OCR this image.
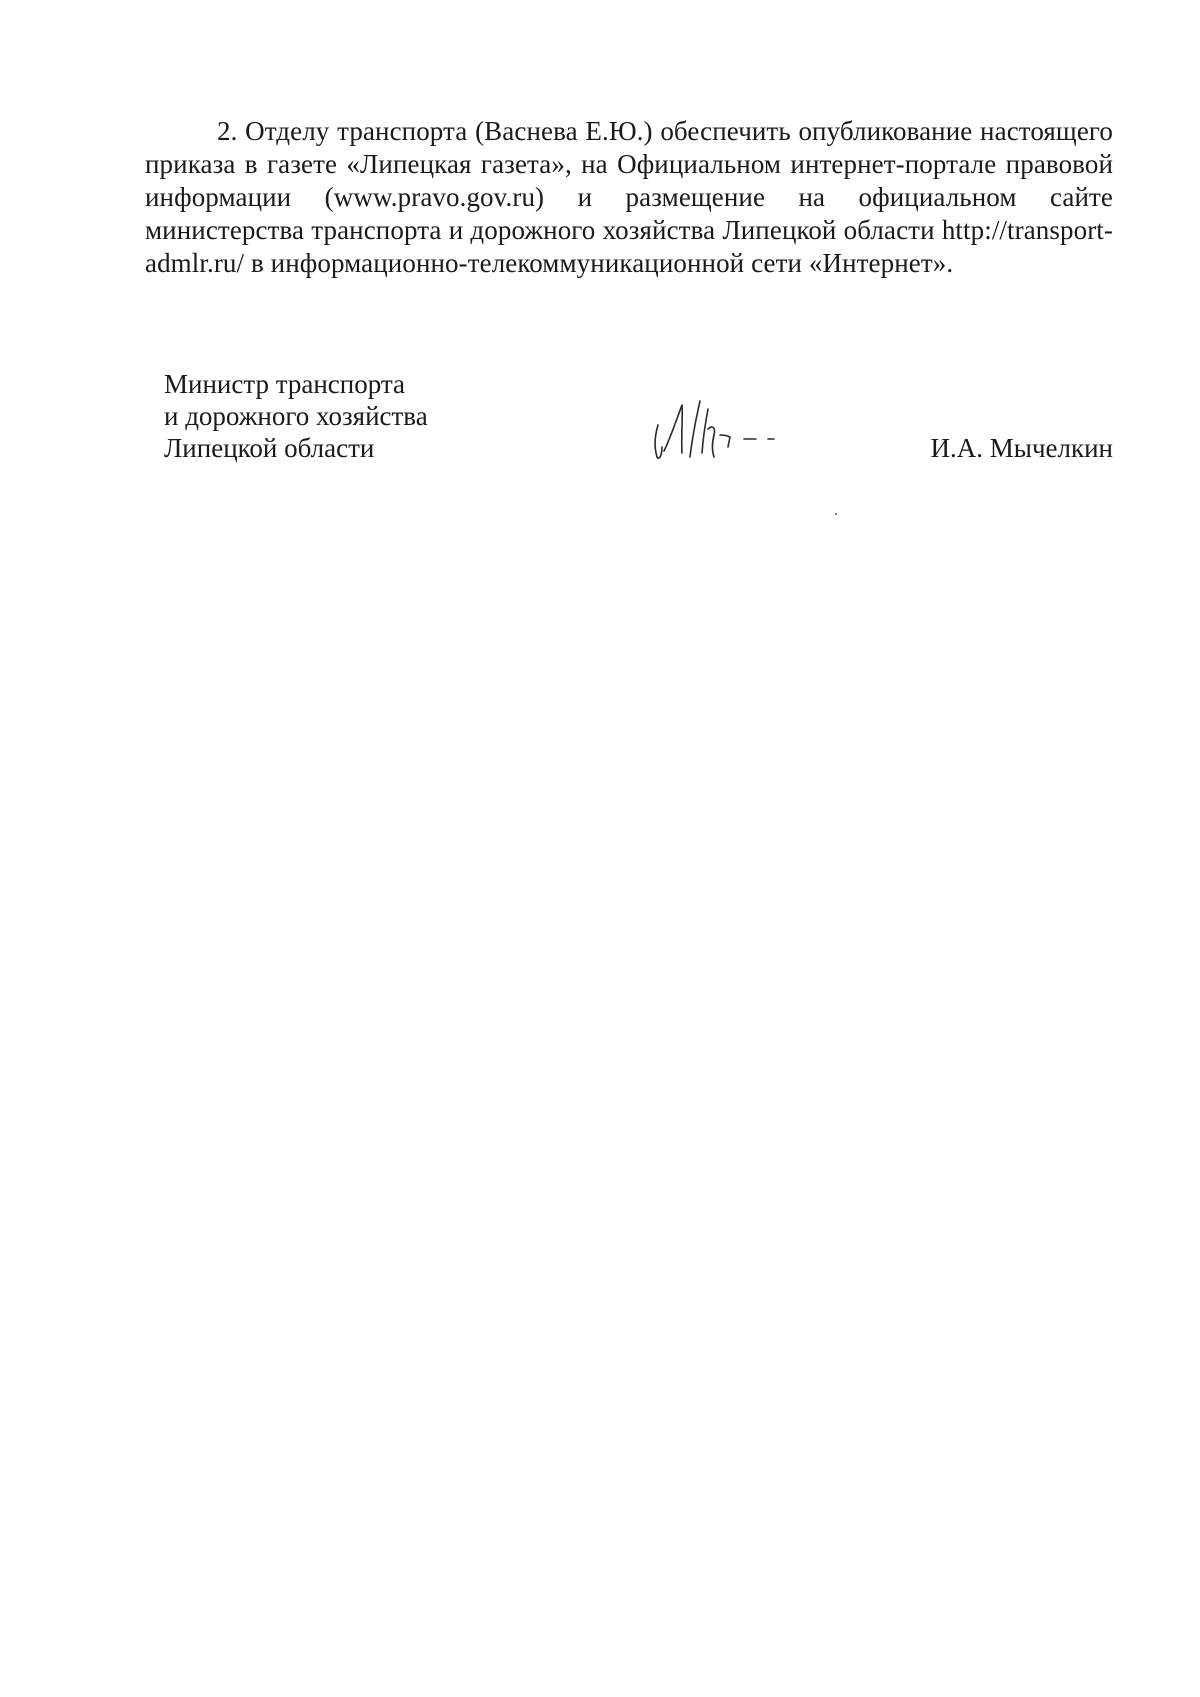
2. Отделу транспорта (Васнева Е.Ю.) обеспечить опубликование настоящего приказа в газете «Липецкая газета», на Официальном интернет-портале правовой информации (www.pravo.gov.ru) и размещение на официальном сайте министерства транспорта и дорожного хозяйства Липецкой области http://transport-admlr.ru/ в информационно-телекоммуникационной сети «Интернет».

Министр транспорта
и дорожного хозяйства
Липецкой области	И.А. Мычелкин
